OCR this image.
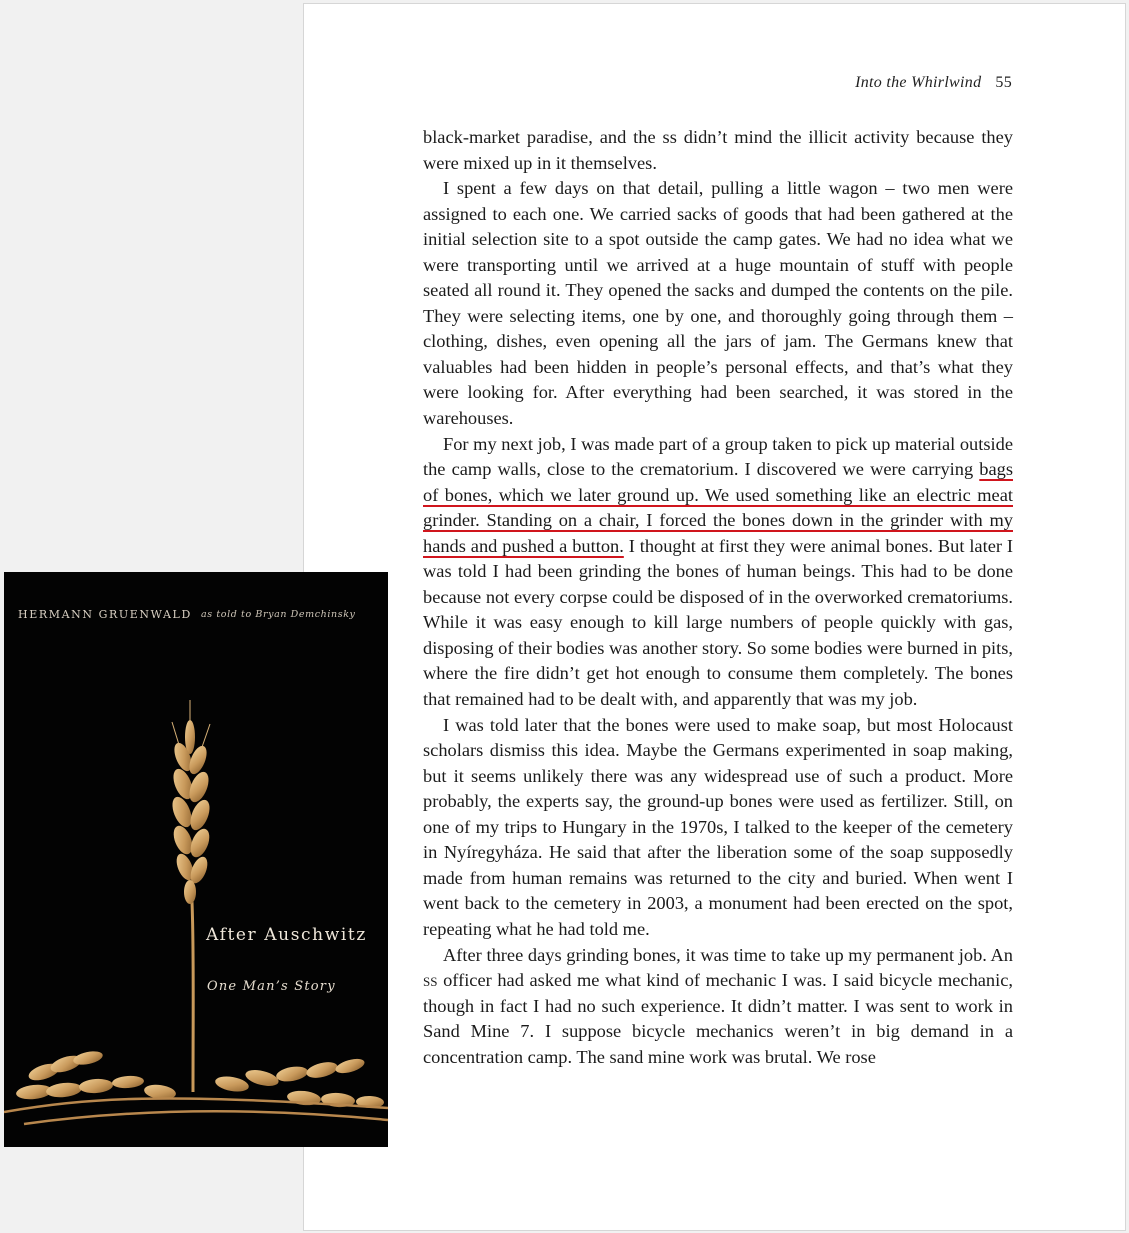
Into the Whirlwind 55

black-market paradise, and the ss didn’t mind the illicit activity because they were mixed up in it themselves.

I spent a few days on that detail, pulling a little wagon – two men were assigned to each one. We carried sacks of goods that had been gathered at the initial selection site to a spot outside the camp gates. We had no idea what we were transporting until we arrived at a huge mountain of stuff with people seated all round it. They opened the sacks and dumped the contents on the pile. They were selecting items, one by one, and thoroughly going through them – clothing, dishes, even opening all the jars of jam. The Germans knew that valuables had been hidden in people’s personal effects, and that’s what they were looking for. After everything had been searched, it was stored in the warehouses.

For my next job, I was made part of a group taken to pick up material outside the camp walls, close to the crematorium. I discovered we were carrying bags of bones, which we later ground up. We used something like an electric meat grinder. Standing on a chair, I forced the bones down in the grinder with my hands and pushed a button. I thought at first they were animal bones. But later I was told I had been grinding the bones of human beings. This had to be done because not every corpse could be disposed of in the overworked crematoriums. While it was easy enough to kill large numbers of people quickly with gas, disposing of their bodies was another story. So some bodies were burned in pits, where the fire didn’t get hot enough to consume them completely. The bones that remained had to be dealt with, and apparently that was my job.

I was told later that the bones were used to make soap, but most Holocaust scholars dismiss this idea. Maybe the Germans experimented in soap making, but it seems unlikely there was any widespread use of such a product. More probably, the experts say, the ground-up bones were used as fertilizer. Still, on one of my trips to Hungary in the 1970s, I talked to the keeper of the cemetery in Nyíregyháza. He said that after the liberation some of the soap supposedly made from human remains was returned to the city and buried. When went I went back to the cemetery in 2003, a monument had been erected on the spot, repeating what he had told me.

After three days grinding bones, it was time to take up my permanent job. An ss officer had asked me what kind of mechanic I was. I said bicycle mechanic, though in fact I had no such experience. It didn’t matter. I was sent to work in Sand Mine 7. I suppose bicycle mechanics weren’t in big demand in a concentration camp. The sand mine work was brutal. We rose

HERMANN GRUENWALD as told to Bryan Demchinsky
After Auschwitz
One Man’s Story
